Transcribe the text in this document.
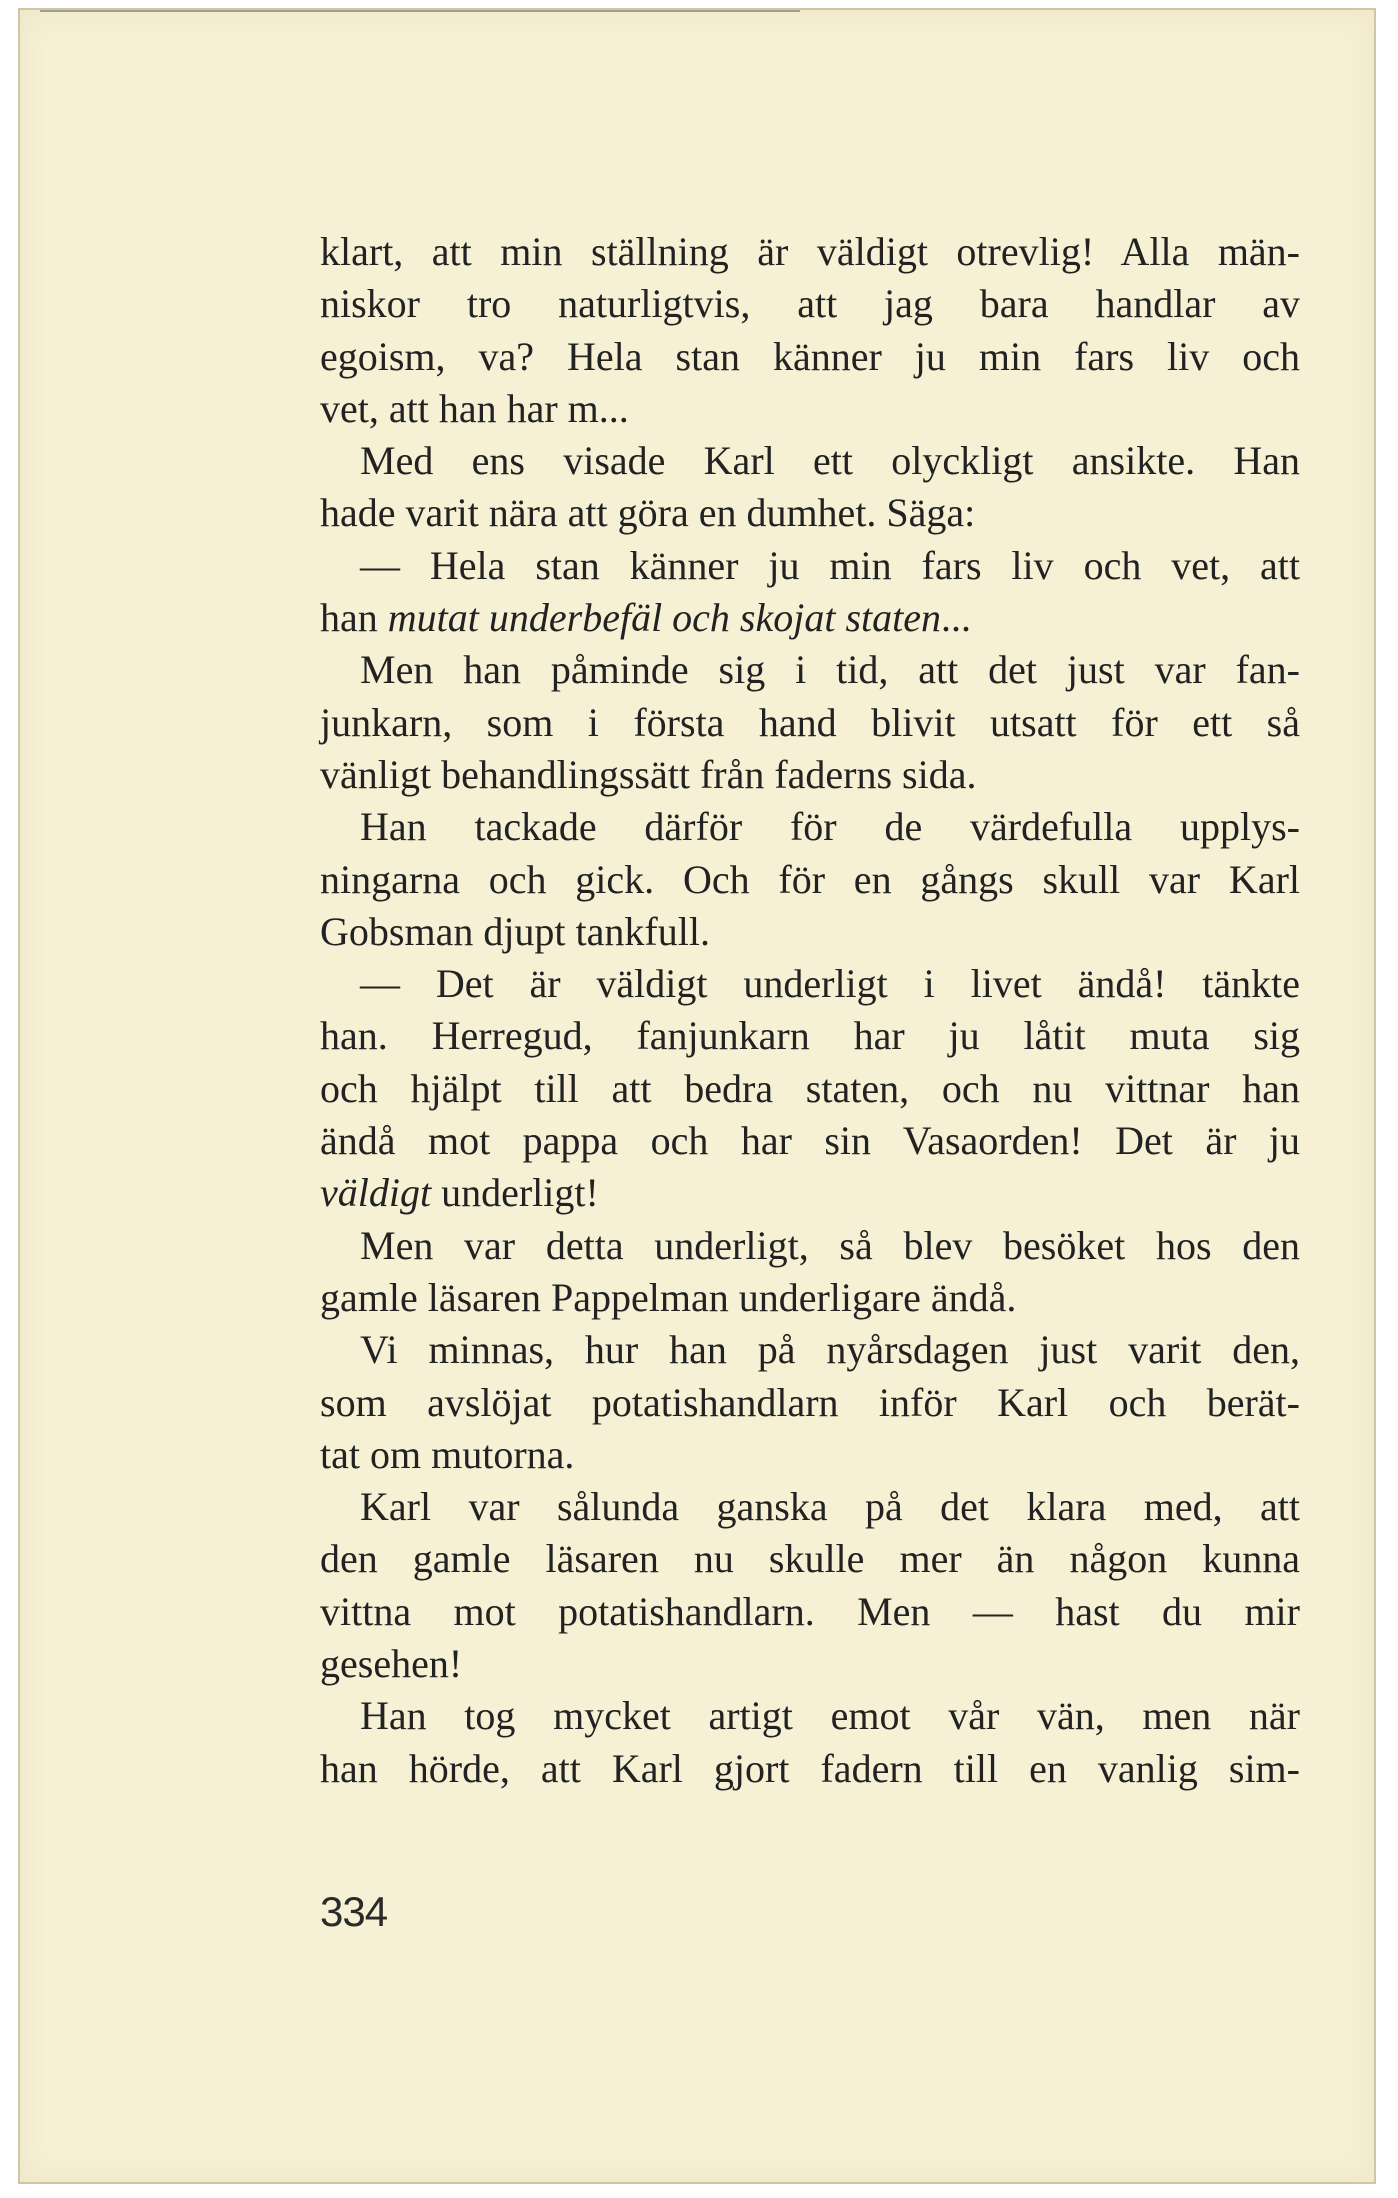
klart, att min ställning är väldigt otrevlig! Alla män-
niskor tro naturligtvis, att jag bara handlar av
egoism, va? Hela stan känner ju min fars liv och
vet, att han har m...
Med ens visade Karl ett olyckligt ansikte. Han
hade varit nära att göra en dumhet. Säga:
— Hela stan känner ju min fars liv och vet, att
han mutat underbefäl och skojat staten...
Men han påminde sig i tid, att det just var fan-
junkarn, som i första hand blivit utsatt för ett så
vänligt behandlingssätt från faderns sida.
Han tackade därför för de värdefulla upplys-
ningarna och gick. Och för en gångs skull var Karl
Gobsman djupt tankfull.
— Det är väldigt underligt i livet ändå! tänkte
han. Herregud, fanjunkarn har ju låtit muta sig
och hjälpt till att bedra staten, och nu vittnar han
ändå mot pappa och har sin Vasaorden! Det är ju
väldigt underligt!
Men var detta underligt, så blev besöket hos den
gamle läsaren Pappelman underligare ändå.
Vi minnas, hur han på nyårsdagen just varit den,
som avslöjat potatishandlarn inför Karl och berät-
tat om mutorna.
Karl var sålunda ganska på det klara med, att
den gamle läsaren nu skulle mer än någon kunna
vittna mot potatishandlarn. Men — hast du mir
gesehen!
Han tog mycket artigt emot vår vän, men när
han hörde, att Karl gjort fadern till en vanlig sim-
334
